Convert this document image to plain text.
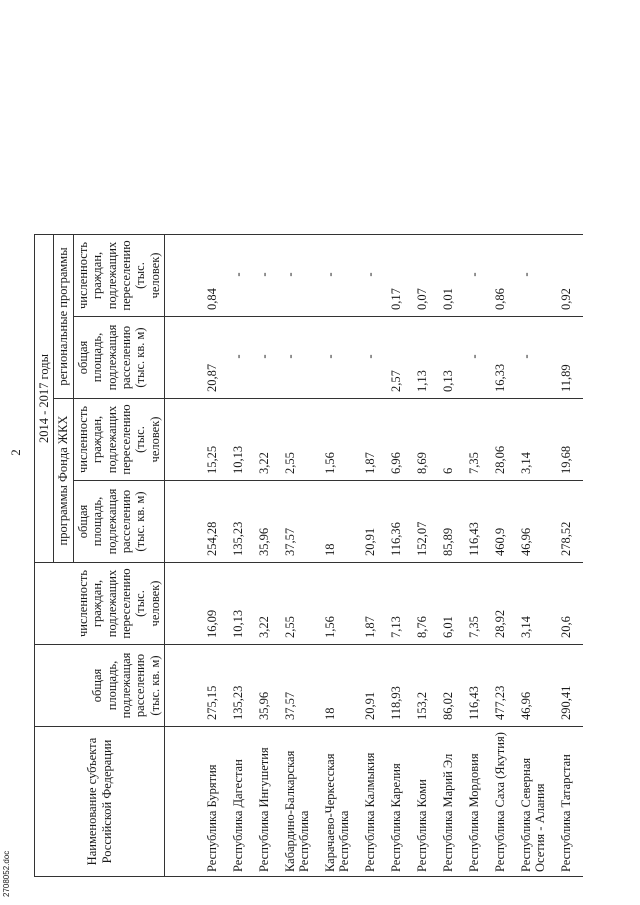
2
Наименование субъекта Российской Федерации	общая площадь, подлежащая расселению (тыс. кв. м)	численность граждан, подлежащих переселению (тыс. человек)	2014 - 2017 годы			
			программы Фонда ЖКХ		региональные программы	
			общая площадь, подлежащая расселению (тыс. кв. м)	численность граждан, подлежащих переселению (тыс. человек)	общая площадь, подлежащая расселению (тыс. кв. м)	численность граждан, подлежащих переселению (тыс. человек)

Республика Бурятия	275,15	16,09	254,28	15,25	20,87	0,84
Республика Дагестан	135,23	10,13	135,23	10,13	-	-
Республика Ингушетия	35,96	3,22	35,96	3,22	-	-
Кабардино-Балкарская Республика	37,57	2,55	37,57	2,55	-	-
Карачаево-Черкесская Республика	18	1,56	18	1,56	-	-
Республика Калмыкия	20,91	1,87	20,91	1,87	-	-
Республика Карелия	118,93	7,13	116,36	6,96	2,57	0,17
Республика Коми	153,2	8,76	152,07	8,69	1,13	0,07
Республика Марий Эл	86,02	6,01	85,89	6	0,13	0,01
Республика Мордовия	116,43	7,35	116,43	7,35	-	-
Республика Саха (Якутия)	477,23	28,92	460,9	28,06	16,33	0,86
Республика Северная Осетия - Алания	46,96	3,14	46,96	3,14	-	-
Республика Татарстан	290,41	20,6	278,52	19,68	11,89	0,92
2708052.doc
